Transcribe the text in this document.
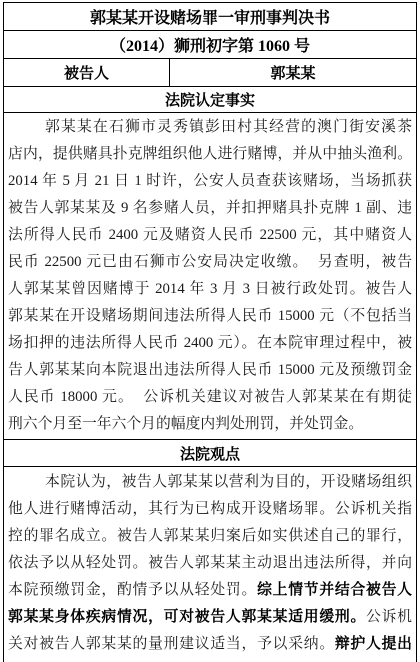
郭某某开设赌场罪一审刑事判决书
（2014）狮刑初字第 1060 号
被告人	郭某某
法院认定事实
郭某某在石狮市灵秀镇彭田村其经营的澳门街安溪茶
店内，提供赌具扑克牌组织他人进行赌博，并从中抽头渔利。
2014 年 5 月 21 日 1 时许，公安人员查获该赌场，当场抓获
被告人郭某某及 9 名参赌人员，并扣押赌具扑克牌 1 副、违
法所得人民币 2400 元及赌资人民币 22500 元，其中赌资人
民币 22500 元已由石狮市公安局决定收缴。  另查明，被告
人郭某某曾因赌博于 2014 年 3 月 3 日被行政处罚。被告人
郭某某在开设赌场期间违法所得人民币 15000 元（不包括当
场扣押的违法所得人民币 2400 元）。在本院审理过程中，被
告人郭某某向本院退出违法所得人民币 15000 元及预缴罚金
人民币 18000 元。  公诉机关建议对被告人郭某某在有期徒
刑六个月至一年六个月的幅度内判处刑罚，并处罚金。
法院观点
本院认为，被告人郭某某以营利为目的，开设赌场组织
他人进行赌博活动，其行为已构成开设赌场罪。公诉机关指
控的罪名成立。被告人郭某某归案后如实供述自己的罪行，
依法予以从轻处罚。被告人郭某某主动退出违法所得，并向
本院预缴罚金，酌情予以从轻处罚。综上情节并结合被告人
郭某某身体疾病情况，可对被告人郭某某适用缓刑。公诉机
关对被告人郭某某的量刑建议适当，予以采纳。辩护人提出
